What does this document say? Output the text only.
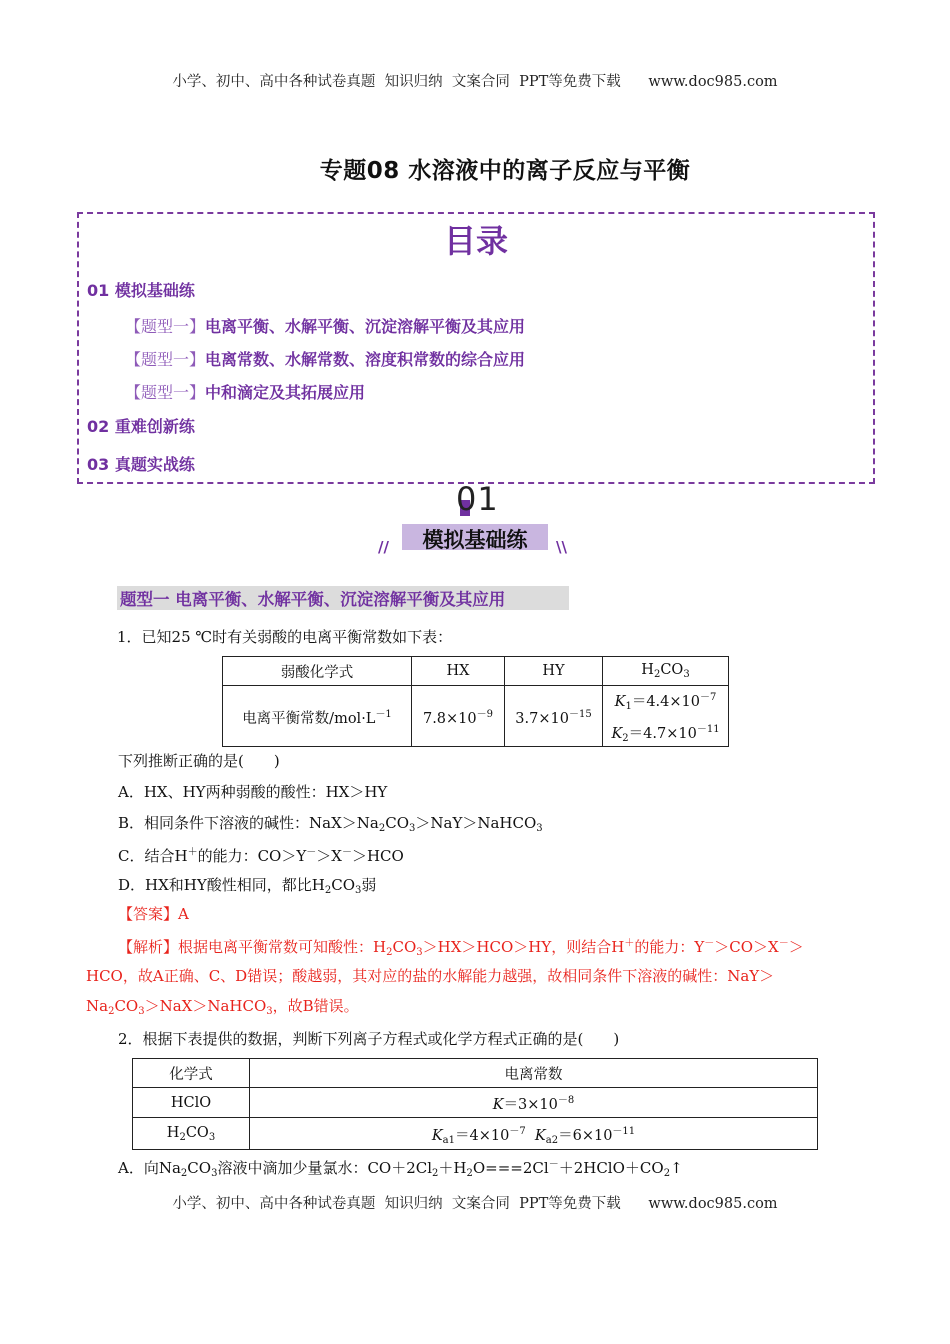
小学、初中、高中各种试卷真题  知识归纳  文案合同  PPT等免费下载      www.doc985.com
专题08 水溶液中的离子反应与平衡
目录
01 模拟基础练
【题型一】电离平衡、水解平衡、沉淀溶解平衡及其应用
【题型一】电离常数、水解常数、溶度积常数的综合应用
【题型一】中和滴定及其拓展应用
02 重难创新练
03 真题实战练
01
模拟基础练
//	\\
题型一 电离平衡、水解平衡、沉淀溶解平衡及其应用
1．已知25 ℃时有关弱酸的电离平衡常数如下表：
弱酸化学式	HX	HY	$H_2CO_3$
电离平衡常数$/mol\cdot L^{-1}$	$7.8\times 10^{-9}$	$3.7\times 10^{-15}$	$K_1=4.4\times 10^{-7}$
$K_2=4.7\times 10^{-11}$
下列推断正确的是(　　)
A．HX、HY两种弱酸的酸性：HX＞HY
B．相同条件下溶液的碱性：$NaX>Na_2CO_3>NaY>NaHCO_3$
C．结合H＋的能力：CO＞Y－＞X－＞HCO
D．HX和HY酸性相同，都比$H_2CO_3$弱
【答案】A
【解析】根据电离平衡常数可知酸性：$H_2CO_3>HX>HCO>HY$，则结合H＋的能力：Y－＞CO＞X－＞
HCO，故A正确、C、D错误；酸越弱，其对应的盐的水解能力越强，故相同条件下溶液的碱性：NaY＞
$Na_2CO_3>NaX>NaHCO_3$，故B错误。
2．根据下表提供的数据，判断下列离子方程式或化学方程式正确的是(　　)
化学式	电离常数
HClO	$K=3\times 10^{-8}$
$H_2CO_3$	$K_{a1}=4\times 10^{-7}$ $K_{a2}=6\times 10^{-11}$
A．向$Na_2CO_3$溶液中滴加少量氯水：$CO+2Cl_2+H_2O===2Cl^-+2HClO+CO_2↑$
小学、初中、高中各种试卷真题  知识归纳  文案合同  PPT等免费下载      www.doc985.com
